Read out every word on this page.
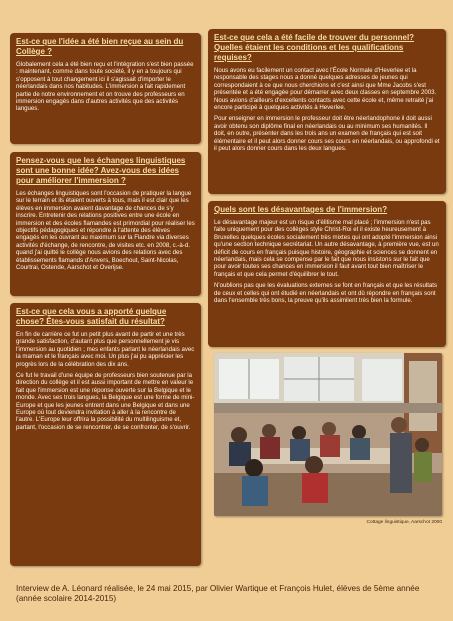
Est-ce que l'idée a été bien reçue au sein du Collège ?

Globalement cela a été bien reçu et l'intégration s'est bien passée : maintenant, comme dans toute société, il y en a toujours qui s'opposent à tout changement ici il s'agissait d'importer le néerlandais dans nos habitudes. L'immersion a fait rapidement partie de notre environnement et on trouve des professeurs en immersion engagés dans d'autres activités que des activités langues.

Pensez-vous que les échanges linguistiques sont une bonne idée? Avez-vous des idées pour améliorer l'immersion ?

Les échanges linguistiques sont l'occasion de pratiquer la langue sur le terrain et ils étaient ouverts à tous, mais il est clair que les élèves en immersion avaient davantage de chances de s'y inscrire. Entretenir des relations positives entre une école en immersion et des écoles flamandes est primordial pour réaliser les objectifs pédagogiques et répondre à l'attente des élèves engagés en les ouvrant au maximum sur la Flandre via diverses activités d'échange, de rencontre, de visites etc. en 2008, c.-à-d. quand j'ai quitté le collège nous avions des relations avec des établissements flamands d'Anvers, Boechout, Saint-Nicolas, Courtrai, Ostende, Aarschot et Overijse.

Est-ce que cela vous a apporté quelque chose? Êtes-vous satisfait du résultat?

En fin de carrière ce fut un petit plus avant de partir et une très grande satisfaction, d'autant plus que personnellement je vis l'immersion au quotidien ; mes enfants parlant le néerlandais avec la maman et le français avec moi. Un plus j'ai pu apprécier les progrès lors de la célébration des dix ans.

Ce fut le travail d'une équipe de professeurs bien soutenue par la direction du collège et il est aussi important de mettre en valeur le fait que l'immersion est une réponse ouverte sur la Belgique et le monde. Avec ses trois langues, la Belgique est une forme de mini-Europe et que les jeunes entrent dans une Belgique et dans une Europe où tout deviendra invitation à aller à la rencontre de l'autre. L'Europe leur offrira la possibilité du multilinguisme et, partant, l'occasion de se rencontrer, de se confronter, de s'ouvrir.

Est-ce que cela a été facile de trouver du personnel? Quelles étaient les conditions et les qualifications requises?

Nous avons eu facilement un contact avec l'École Normale d'Heverlee et la responsable des stages nous a donné quelques adresses de jeunes qui correspondaient à ce que nous cherchions et c'est ainsi que Mme Jacobs s'est présentée et a été engagée pour démarrer avec deux classes en septembre 2003. Nous avions d'ailleurs d'excellents contacts avec cette école et, même retraité j'ai encore participé à quelques activités à Heverlee.

Pour enseigner en immersion le professeur doit être néerlandophone il doit aussi avoir obtenu son diplôme final en néerlandais ou au minimum ses humanités. Il doit, en outre, présenter dans les trois ans un examen de français qui est soit élémentaire et il peut alors donner cours ses cours en néerlandais, ou approfondi et il peut alors donner cours dans les deux langues.

Quels sont les désavantages de l'immersion?

Le désavantage majeur est un risque d'élitisme mal placé ; l'immersion n'est pas faite uniquement pour des collèges style Christ-Roi et il existe heureusement à Bruxelles quelques écoles socialement très mixtes qui ont adopté l'immersion ainsi qu'une section technique secrétariat. Un autre désavantage, à première vue, est un déficit de cours en français puisque histoire, géographie et sciences se donnent en néerlandais, mais cela se compense par le fait que nous insistons sur le fait que pour avoir toutes ses chances en immersion il faut avant tout bien maîtriser le français et que cela permet d'équilibrer le tout.

N'oublions pas que les évaluations externes se font en français et que les résultats de ceux et celles qui ont étudié en néerlandais et ont dû répondre en français sont dans l'ensemble très bons, la preuve qu'ils assimilent très bien la formule.

Cottage linguistique, Aarschot 2000
Interview de A. Léonard réalisée, le 24 mai 2015, par Olivier Wartique et François Hulet, élèves de 5ème année
(année scolaire 2014-2015)
